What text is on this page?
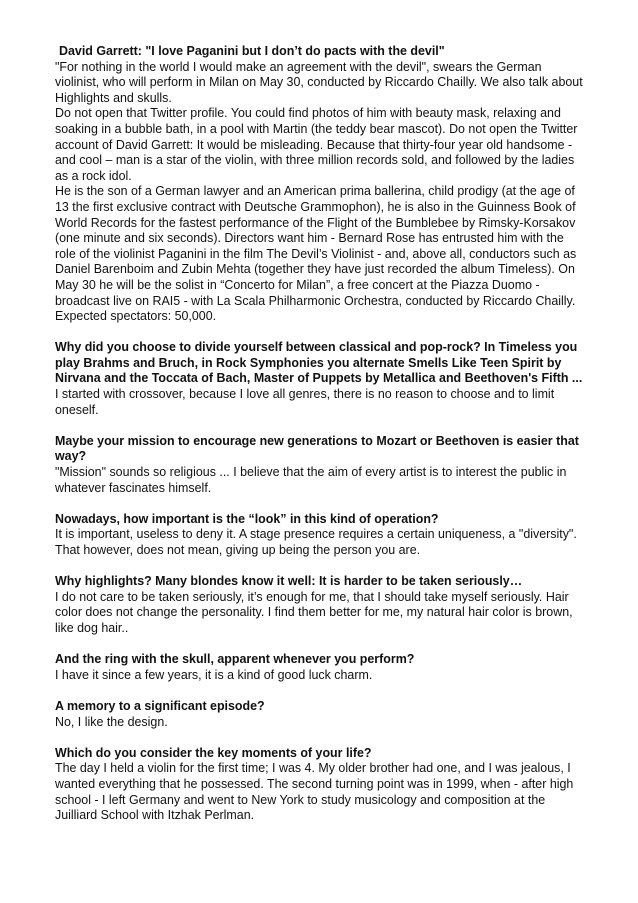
David Garrett: "I love Paganini but I don’t do pacts with the devil"

"For nothing in the world I would make an agreement with the devil", swears the German violinist, who will perform in Milan on May 30, conducted by Riccardo Chailly. We also talk about Highlights and skulls.

Do not open that Twitter profile. You could find photos of him with beauty mask, relaxing and soaking in a bubble bath, in a pool with Martin (the teddy bear mascot). Do not open the Twitter account of David Garrett: It would be misleading. Because that thirty-four year old handsome - and cool – man is a star of the violin, with three million records sold, and followed by the ladies as a rock idol.

He is the son of a German lawyer and an American prima ballerina, child prodigy (at the age of 13 the first exclusive contract with Deutsche Grammophon), he is also in the Guinness Book of World Records for the fastest performance of the Flight of the Bumblebee by Rimsky-Korsakov (one minute and six seconds). Directors want him - Bernard Rose has entrusted him with the role of the violinist Paganini in the film The Devil’s Violinist - and, above all, conductors such as Daniel Barenboim and Zubin Mehta (together they have just recorded the album Timeless). On May 30 he will be the solist in “Concerto for Milan”, a free concert at the Piazza Duomo - broadcast live on RAI5 - with La Scala Philharmonic Orchestra, conducted by Riccardo Chailly. Expected spectators: 50,000.

Why did you choose to divide yourself between classical and pop-rock? In Timeless you play Brahms and Bruch, in Rock Symphonies you alternate Smells Like Teen Spirit by Nirvana and the Toccata of Bach, Master of Puppets by Metallica and Beethoven's Fifth ...

I started with crossover, because I love all genres, there is no reason to choose and to limit oneself.

Maybe your mission to encourage new generations to Mozart or Beethoven is easier that way?

"Mission" sounds so religious ... I believe that the aim of every artist is to interest the public in whatever fascinates himself.

Nowadays, how important is the “look” in this kind of operation?

It is important, useless to deny it. A stage presence requires a certain uniqueness, a "diversity". That however, does not mean, giving up being the person you are.

Why highlights? Many blondes know it well: It is harder to be taken seriously…

I do not care to be taken seriously, it’s enough for me, that I should take myself seriously. Hair color does not change the personality. I find them better for me, my natural hair color is brown, like dog hair..

And the ring with the skull, apparent whenever you perform?

I have it since a few years, it is a kind of good luck charm.

A memory to a significant episode?

No, I like the design.

Which do you consider the key moments of your life?

The day I held a violin for the first time; I was 4. My older brother had one, and I was jealous, I wanted everything that he possessed. The second turning point was in 1999, when - after high school - I left Germany and went to New York to study musicology and composition at the Juilliard School with Itzhak Perlman.
